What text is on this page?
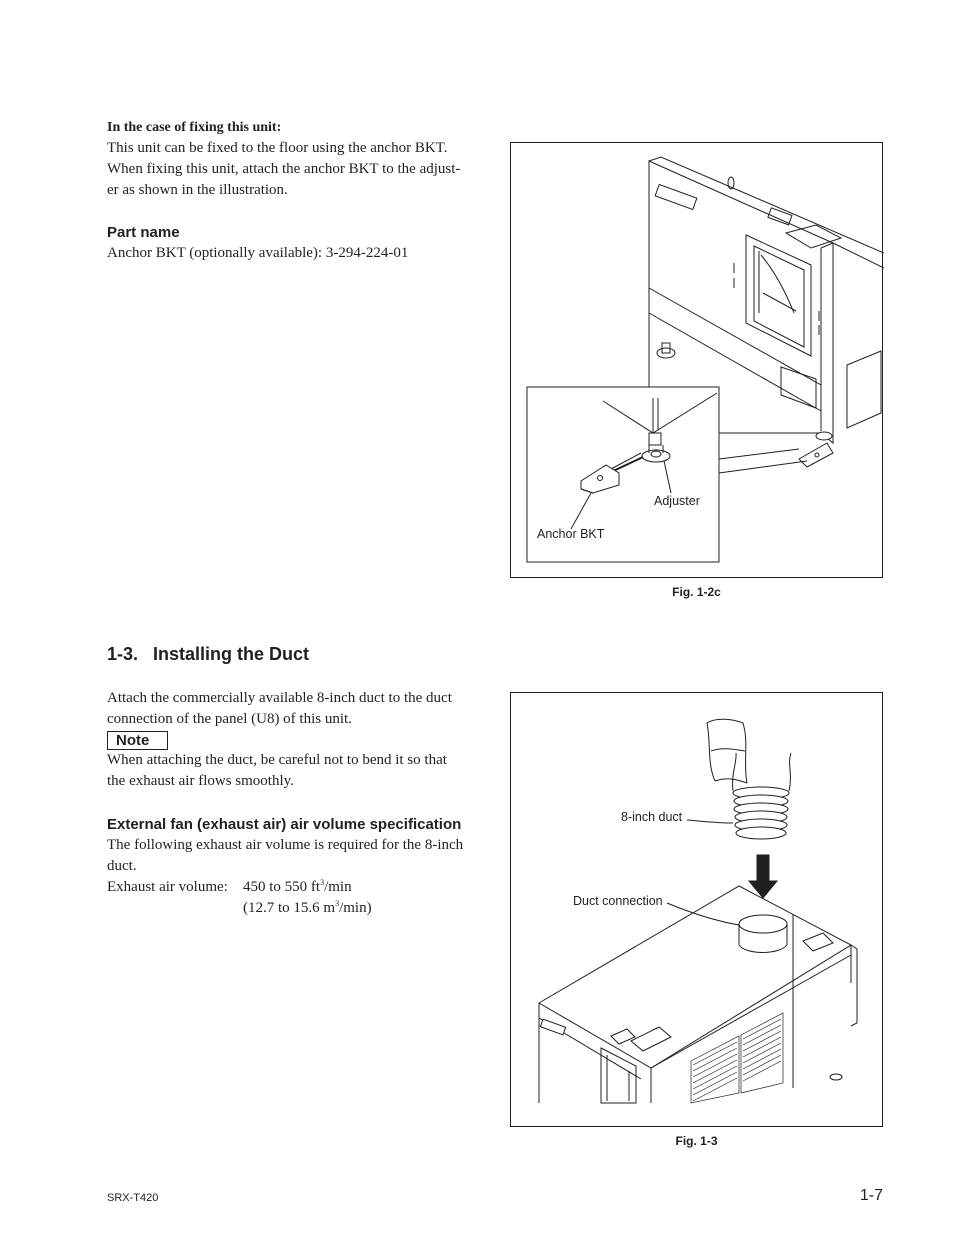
In the case of fixing this unit:
This unit can be fixed to the floor using the anchor BKT.
When fixing this unit, attach the anchor BKT to the adjust-
er as shown in the illustration.
Part name
Anchor BKT (optionally available): 3-294-224-01
Adjuster
Anchor BKT
Fig. 1-2c
1-3.   Installing the Duct
Attach the commercially available 8-inch duct to the duct
connection of the panel (U8) of this unit.
Note
When attaching the duct, be careful not to bend it so that
the exhaust air flows smoothly.
External fan (exhaust air) air volume specification
The following exhaust air volume is required for the 8-inch
duct.
Exhaust air volume: 450 to 550 $ft^3/\min$
(12.7 to 15.6 $m^3/\min$)
8-inch duct
Duct connection
Fig. 1-3
SRX-T420	1-7
